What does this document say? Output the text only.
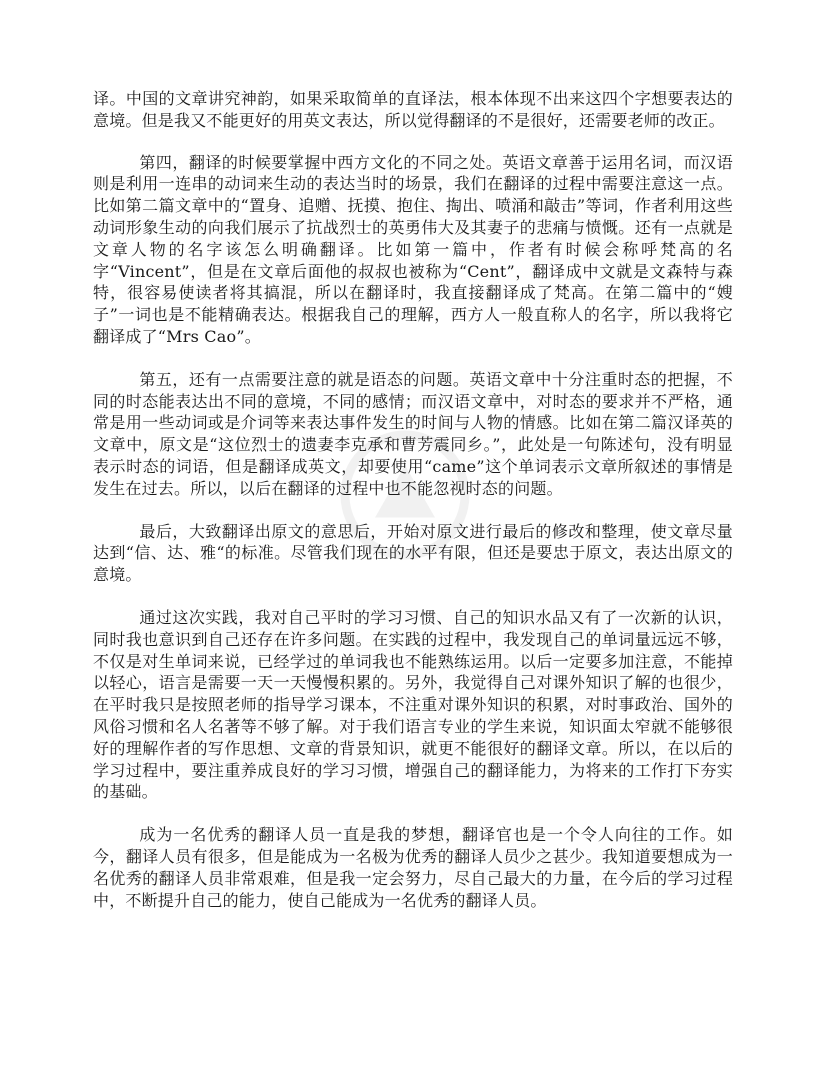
译。中国的文章讲究神韵，如果采取简单的直译法，根本体现不出来这四个字想要表达的意境。但是我又不能更好的用英文表达，所以觉得翻译的不是很好，还需要老师的改正。

第四，翻译的时候要掌握中西方文化的不同之处。英语文章善于运用名词，而汉语则是利用一连串的动词来生动的表达当时的场景，我们在翻译的过程中需要注意这一点。比如第二篇文章中的“置身、追赠、抚摸、抱住、掏出、喷涌和敲击”等词，作者利用这些动词形象生动的向我们展示了抗战烈士的英勇伟大及其妻子的悲痛与愤慨。还有一点就是文章人物的名字该怎么明确翻译。比如第一篇中，作者有时候会称呼梵高的名字“Vincent”，但是在文章后面他的叔叔也被称为“Cent”，翻译成中文就是文森特与森特，很容易使读者将其搞混，所以在翻译时，我直接翻译成了梵高。在第二篇中的“嫂子”一词也是不能精确表达。根据我自己的理解，西方人一般直称人的名字，所以我将它翻译成了“Mrs Cao”。

第五，还有一点需要注意的就是语态的问题。英语文章中十分注重时态的把握，不同的时态能表达出不同的意境，不同的感情；而汉语文章中，对时态的要求并不严格，通常是用一些动词或是介词等来表达事件发生的时间与人物的情感。比如在第二篇汉译英的文章中，原文是“这位烈士的遗妻李克承和曹芳震同乡。”，此处是一句陈述句，没有明显表示时态的词语，但是翻译成英文，却要使用“came”这个单词表示文章所叙述的事情是发生在过去。所以，以后在翻译的过程中也不能忽视时态的问题。

最后，大致翻译出原文的意思后，开始对原文进行最后的修改和整理，使文章尽量达到“信、达、雅“的标准。尽管我们现在的水平有限，但还是要忠于原文，表达出原文的意境。

通过这次实践，我对自己平时的学习习惯、自己的知识水品又有了一次新的认识，同时我也意识到自己还存在许多问题。在实践的过程中，我发现自己的单词量远远不够，不仅是对生单词来说，已经学过的单词我也不能熟练运用。以后一定要多加注意，不能掉以轻心，语言是需要一天一天慢慢积累的。另外，我觉得自己对课外知识了解的也很少，在平时我只是按照老师的指导学习课本，不注重对课外知识的积累，对时事政治、国外的风俗习惯和名人名著等不够了解。对于我们语言专业的学生来说，知识面太窄就不能够很好的理解作者的写作思想、文章的背景知识，就更不能很好的翻译文章。所以，在以后的学习过程中，要注重养成良好的学习习惯，增强自己的翻译能力，为将来的工作打下夯实的基础。

成为一名优秀的翻译人员一直是我的梦想，翻译官也是一个令人向往的工作。如今，翻译人员有很多，但是能成为一名极为优秀的翻译人员少之甚少。我知道要想成为一名优秀的翻译人员非常艰难，但是我一定会努力，尽自己最大的力量，在今后的学习过程中，不断提升自己的能力，使自己能成为一名优秀的翻译人员。
